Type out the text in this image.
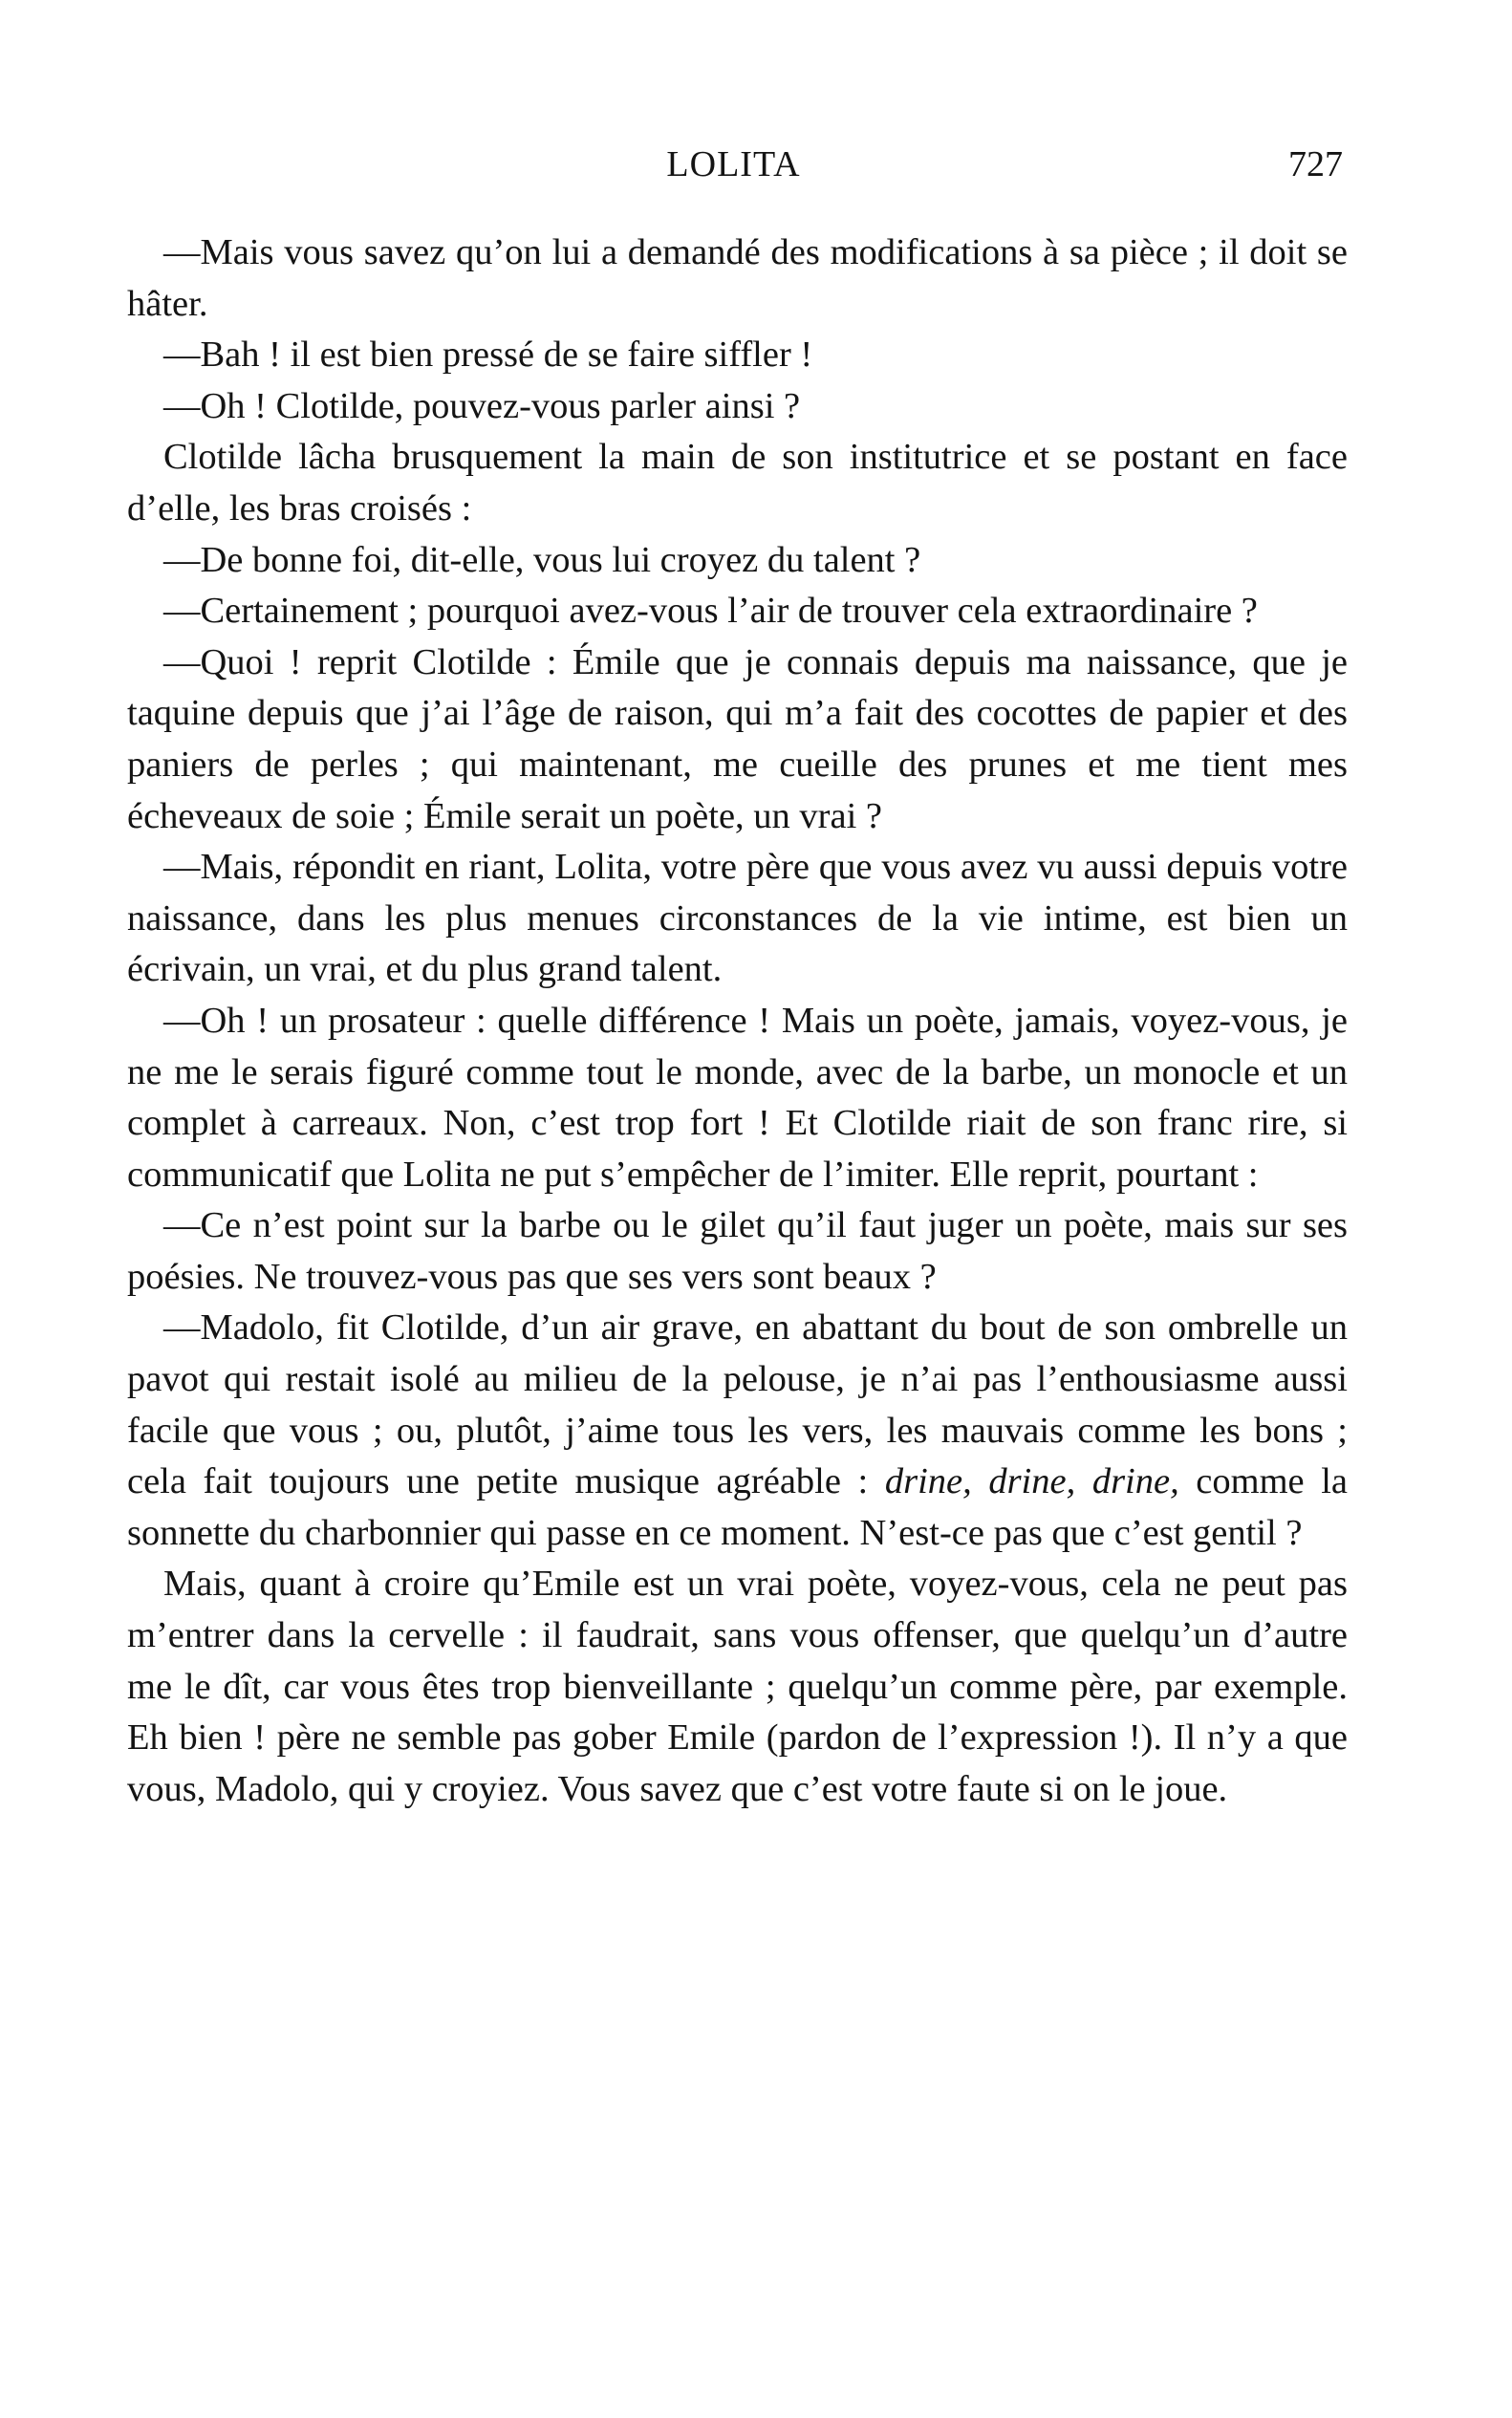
LOLITA	727

—Mais vous savez qu’on lui a demandé des modifications à sa pièce ; il doit se hâter.

—Bah ! il est bien pressé de se faire siffler !

—Oh ! Clotilde, pouvez-vous parler ainsi ?

Clotilde lâcha brusquement la main de son institutrice et se postant en face d’elle, les bras croisés :

—De bonne foi, dit-elle, vous lui croyez du talent ?

—Certainement ; pourquoi avez-vous l’air de trouver cela extraordinaire ?

—Quoi ! reprit Clotilde : Émile que je connais depuis ma naissance, que je taquine depuis que j’ai l’âge de raison, qui m’a fait des cocottes de papier et des paniers de perles ; qui maintenant, me cueille des prunes et me tient mes écheveaux de soie ; Émile serait un poète, un vrai ?

—Mais, répondit en riant, Lolita, votre père que vous avez vu aussi depuis votre naissance, dans les plus menues circonstances de la vie intime, est bien un écrivain, un vrai, et du plus grand talent.

—Oh ! un prosateur : quelle différence ! Mais un poète, jamais, voyez-vous, je ne me le serais figuré comme tout le monde, avec de la barbe, un monocle et un complet à carreaux. Non, c’est trop fort ! Et Clotilde riait de son franc rire, si communicatif que Lolita ne put s’empêcher de l’imiter. Elle reprit, pourtant :

—Ce n’est point sur la barbe ou le gilet qu’il faut juger un poète, mais sur ses poésies. Ne trouvez-vous pas que ses vers sont beaux ?

—Madolo, fit Clotilde, d’un air grave, en abattant du bout de son ombrelle un pavot qui restait isolé au milieu de la pelouse, je n’ai pas l’enthousiasme aussi facile que vous ; ou, plutôt, j’aime tous les vers, les mauvais comme les bons ; cela fait toujours une petite musique agréable : drine, drine, drine, comme la sonnette du charbonnier qui passe en ce moment. N’est-ce pas que c’est gentil ?

Mais, quant à croire qu’Emile est un vrai poète, voyez-vous, cela ne peut pas m’entrer dans la cervelle : il faudrait, sans vous offenser, que quelqu’un d’autre me le dît, car vous êtes trop bienveillante ; quelqu’un comme père, par exemple. Eh bien ! père ne semble pas gober Emile (pardon de l’expression !). Il n’y a que vous, Madolo, qui y croyiez. Vous savez que c’est votre faute si on le joue.
